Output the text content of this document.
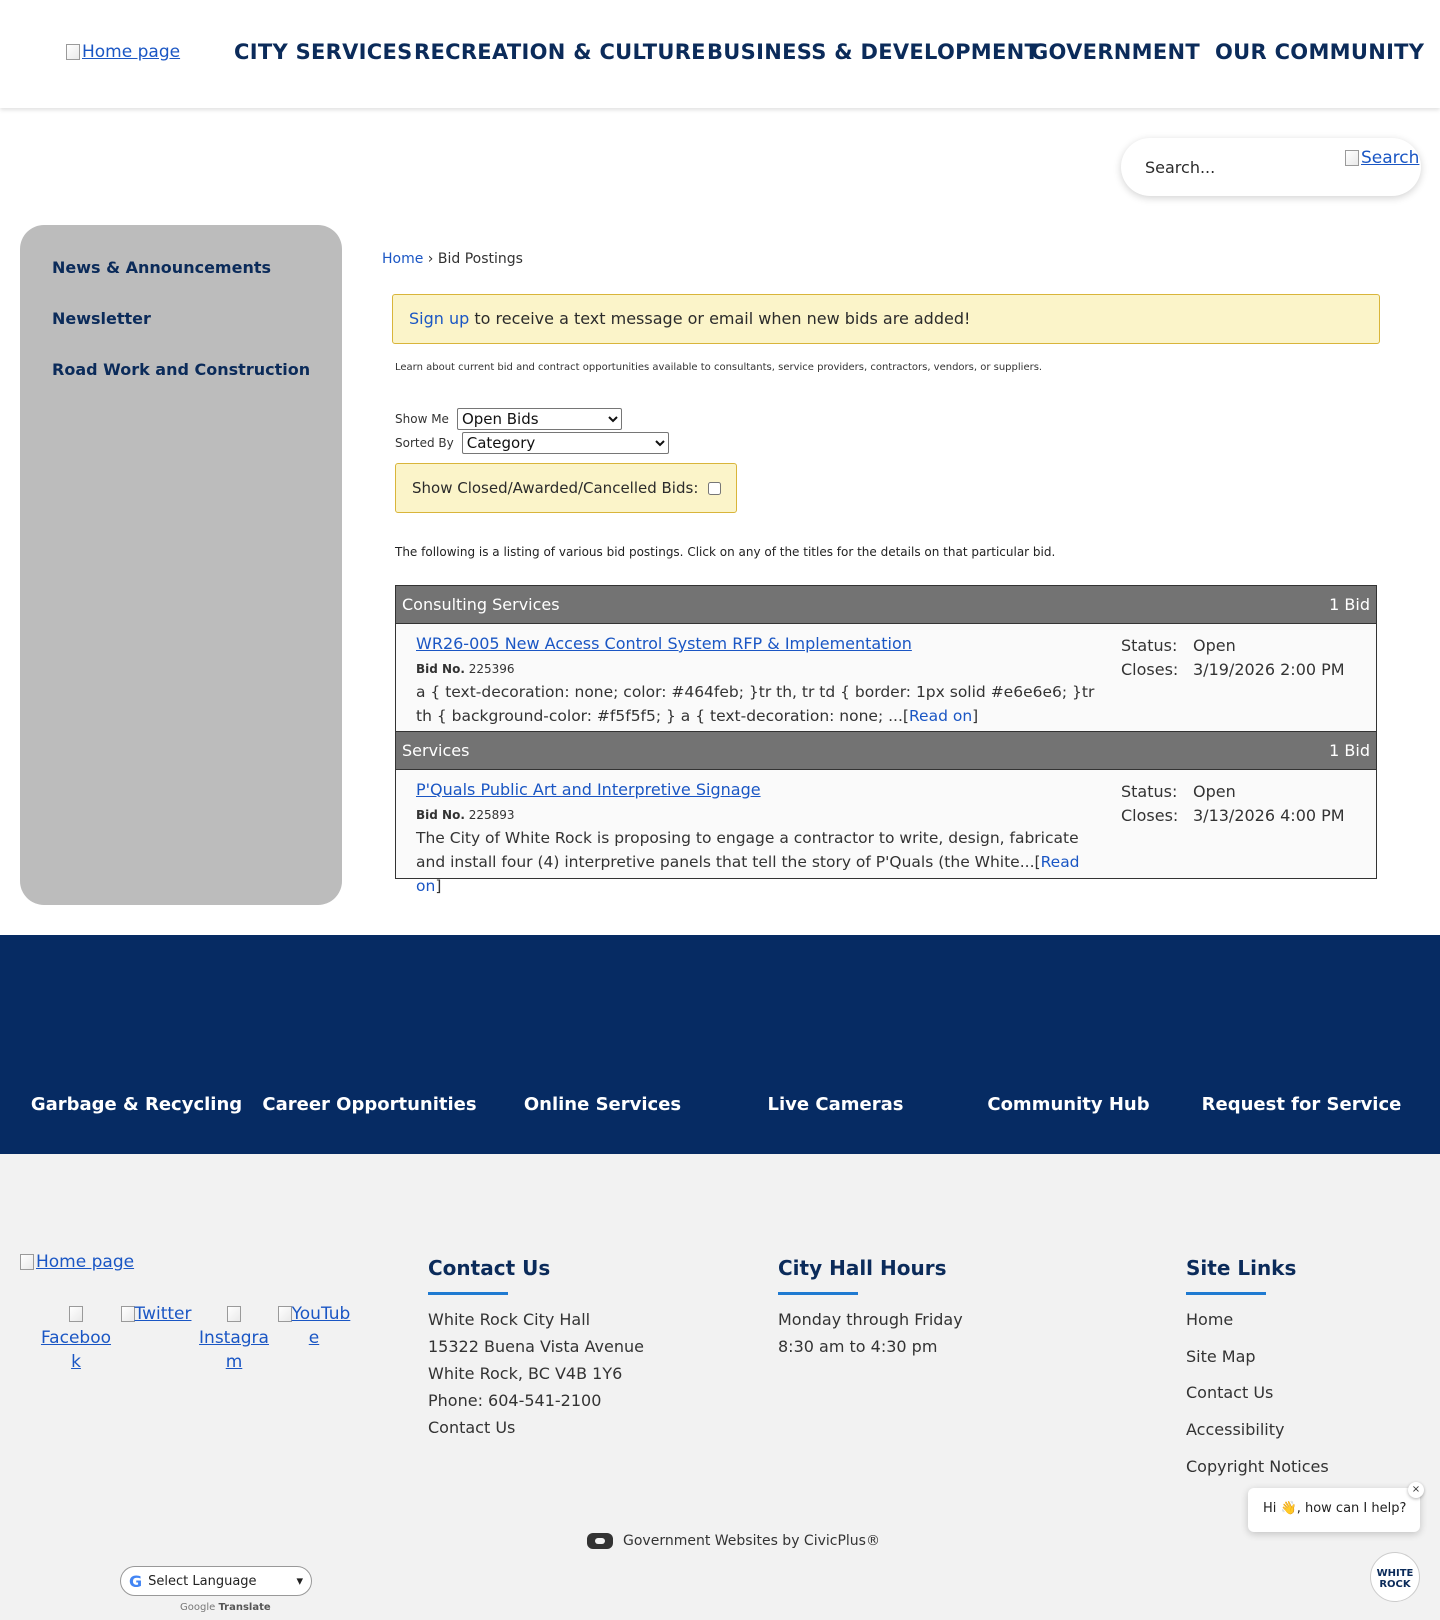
Home page	CITY SERVICES RECREATION & CULTURE BUSINESS & DEVELOPMENT
GOVERNMENT OUR COMMUNITY
Search...
Search
News & Announcements
Newsletter
Road Work and Construction
Home › Bid Postings
Sign up to receive a text message or email when new bids are added!
Learn about current bid and contract opportunities available to consultants, service providers, contractors, vendors, or suppliers.
Show Me
Open Bids
Sorted By
Category
Show Closed/Awarded/Cancelled Bids:
The following is a listing of various bid postings. Click on any of the titles for the details on that particular bid.
Consulting Services	1 Bid
WR26-005 New Access Control System RFP & Implementation
Bid No. 225396
a { text-decoration: none; color: #464feb; }tr th, tr td { border: 1px solid #e6e6e6; }tr th { background-color: #f5f5f5; } a { text-decoration: none; ...[Read on]
Status: Open
Closes: 3/19/2026 2:00 PM
Services	1 Bid
P'Quals Public Art and Interpretive Signage
Bid No. 225893
The City of White Rock is proposing to engage a contractor to write, design, fabricate and install four (4) interpretive panels that tell the story of P'Quals (the White...[Read on]
Status: Open
Closes: 3/13/2026 4:00 PM
Garbage & Recycling	Career Opportunities	Online Services	Live Cameras	Community Hub	Request for Service
Home page
Faceboo
k
Twitter

Instagra
m
YouTub
e
Contact Us
White Rock City Hall
15322 Buena Vista Avenue
White Rock, BC V4B 1Y6
Phone: 604-541-2100
Contact Us
City Hall Hours
Monday through Friday
8:30 am to 4:30 pm
Site Links
Home
Site Map
Contact Us
Accessibility
Copyright Notices
Government Websites by CivicPlus®
G Select Language	▾
Google Translate
Hi 👋, how can I help?
×
WHITE
ROCK
